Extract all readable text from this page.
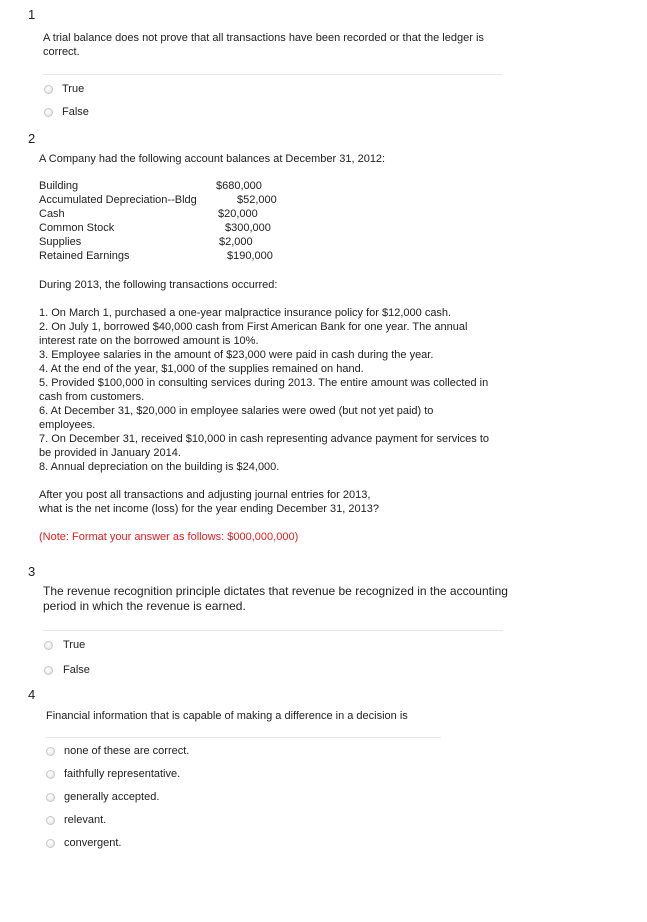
1
A trial balance does not prove that all transactions have been recorded or that the ledger is
correct.
True
False
2
A Company had the following account balances at December 31, 2012:
Building	$680,000
Accumulated Depreciation--Bldg	$52,000
Cash	$20,000
Common Stock	$300,000
Supplies	$2,000
Retained Earnings	$190,000
During 2013, the following transactions occurred:
1. On March 1, purchased a one-year malpractice insurance policy for $12,000 cash.
2. On July 1, borrowed $40,000 cash from First American Bank for one year. The annual
interest rate on the borrowed amount is 10%.
3. Employee salaries in the amount of $23,000 were paid in cash during the year.
4. At the end of the year, $1,000 of the supplies remained on hand.
5. Provided $100,000 in consulting services during 2013. The entire amount was collected in
cash from customers.
6. At December 31, $20,000 in employee salaries were owed (but not yet paid) to
employees.
7. On December 31, received $10,000 in cash representing advance payment for services to
be provided in January 2014.
8. Annual depreciation on the building is $24,000.
After you post all transactions and adjusting journal entries for 2013,
what is the net income (loss) for the year ending December 31, 2013?
(Note: Format your answer as follows: $000,000,000)
3
The revenue recognition principle dictates that revenue be recognized in the accounting
period in which the revenue is earned.
True
False
4
Financial information that is capable of making a difference in a decision is
none of these are correct.
faithfully representative.
generally accepted.
relevant.
convergent.
